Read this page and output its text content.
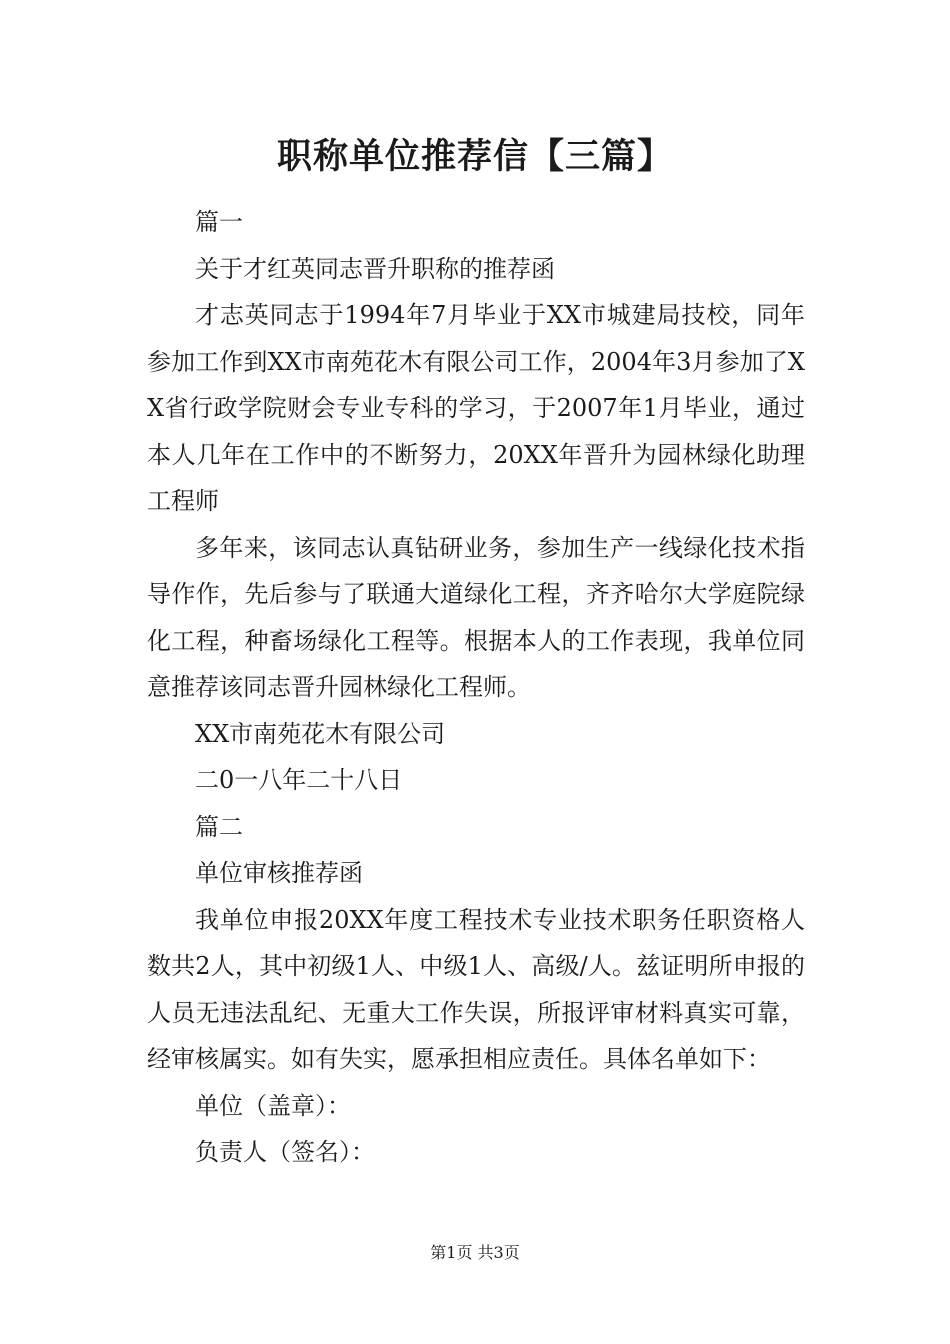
职称单位推荐信【三篇】

篇一

关于才红英同志晋升职称的推荐函

才志英同志于1994年7月毕业于XX市城建局技校，同年参加工作到XX市南苑花木有限公司工作，2004年3月参加了XX省行政学院财会专业专科的学习，于2007年1月毕业，通过本人几年在工作中的不断努力，20XX年晋升为园林绿化助理工程师

多年来，该同志认真钻研业务，参加生产一线绿化技术指导作作，先后参与了联通大道绿化工程，齐齐哈尔大学庭院绿化工程，种畜场绿化工程等。根据本人的工作表现，我单位同意推荐该同志晋升园林绿化工程师。

XX市南苑花木有限公司

二0一八年二十八日

篇二

单位审核推荐函

我单位申报20XX年度工程技术专业技术职务任职资格人数共2人，其中初级1人、中级1人、高级/人。兹证明所申报的人员无违法乱纪、无重大工作失误，所报评审材料真实可靠，经审核属实。如有失实，愿承担相应责任。具体名单如下：

单位（盖章）：

负责人（签名）：

第1页 共3页
